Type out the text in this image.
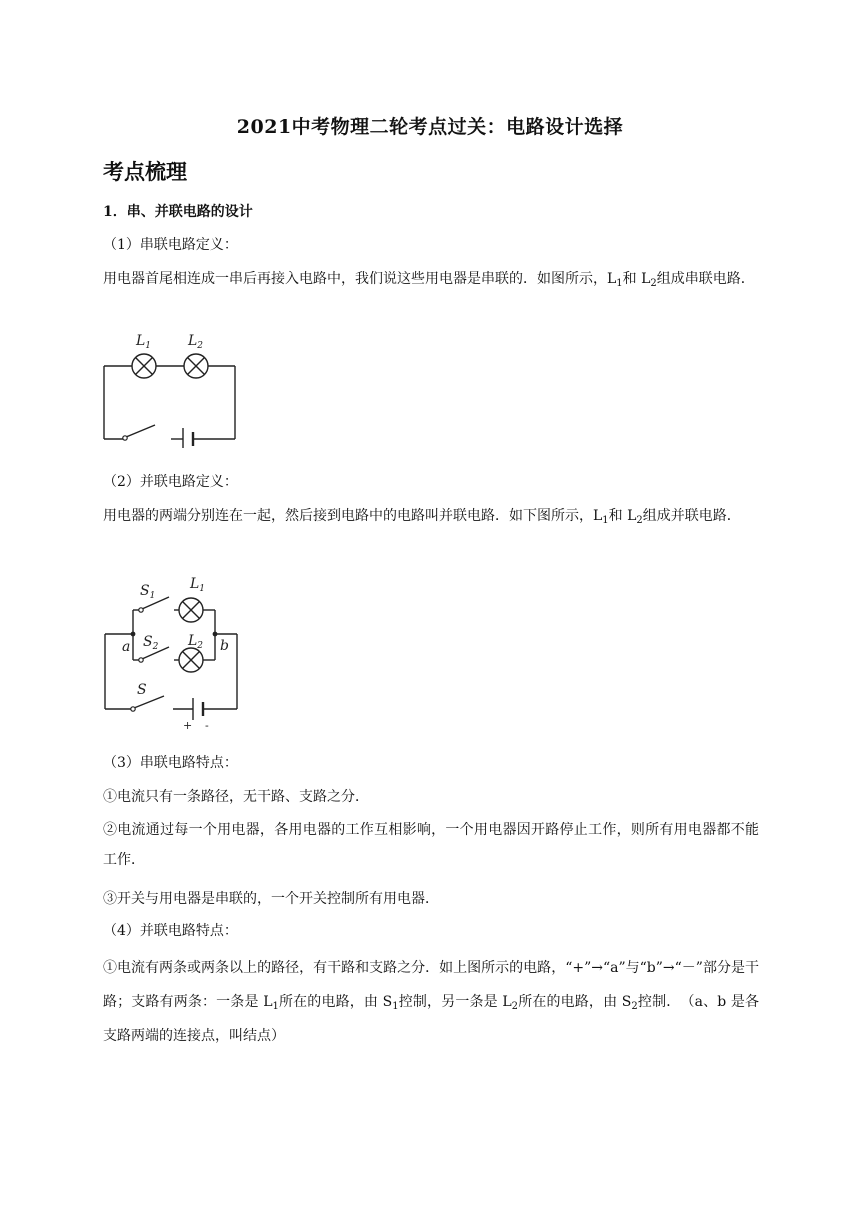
2021中考物理二轮考点过关：电路设计选择
考点梳理
1．串、并联电路的设计
（1）串联电路定义：
用电器首尾相连成一串后再接入电路中，我们说这些用电器是串联的．如图所示，$L_1$和 $L_2$组成串联电路．
$L_1$	$L_2$
（2）并联电路定义：
用电器的两端分别连在一起，然后接到电路中的电路叫并联电路．如下图所示，$L_1$和 $L_2$组成并联电路．
$S_1$
$L_1$
$S_2$ $L_2$
a	b
S
+ -
（3）串联电路特点：
①电流只有一条路径，无干路、支路之分．
②电流通过每一个用电器，各用电器的工作互相影响，一个用电器因开路停止工作，则所有用电器都不能工作．
③开关与用电器是串联的，一个开关控制所有用电器．
（4）并联电路特点：
①电流有两条或两条以上的路径，有干路和支路之分．如上图所示的电路，“+”→“a”与“b”→“－”部分是干路；支路有两条：一条是 $L_1$所在的电路，由 $S_1$控制，另一条是 $L_2$所在的电路，由 $S_2$控制．　（a、b 是各支路两端的连接点，叫结点）
